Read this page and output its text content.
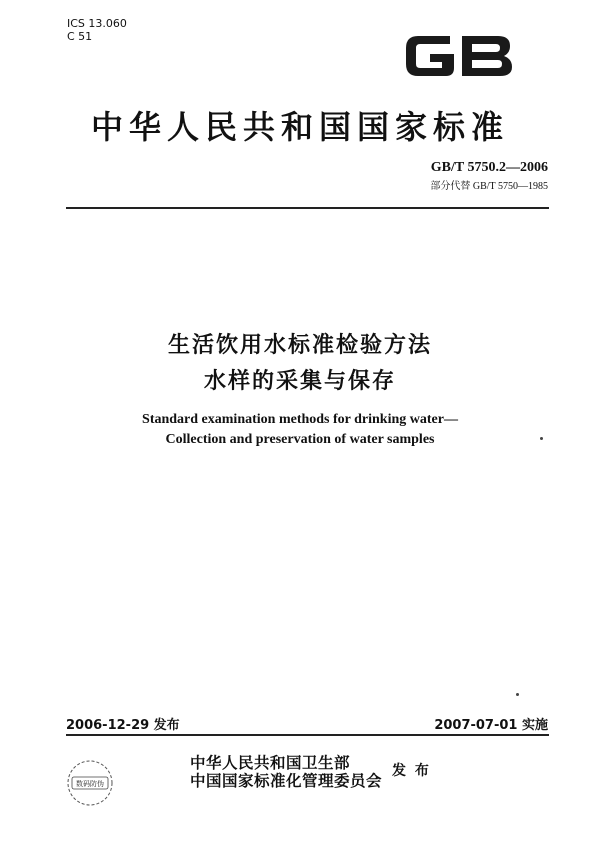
ICS 13.060
C 51	GB
中华人民共和国国家标准
GB/T 5750.2—2006
部分代替 GB/T 5750—1985
生活饮用水标准检验方法
水样的采集与保存
Standard examination methods for drinking water—
Collection and preservation of water samples
2006-12-29 发布	2007-07-01 实施
数码防伪
中华人民共和国卫生部
中国国家标准化管理委员会
发 布
